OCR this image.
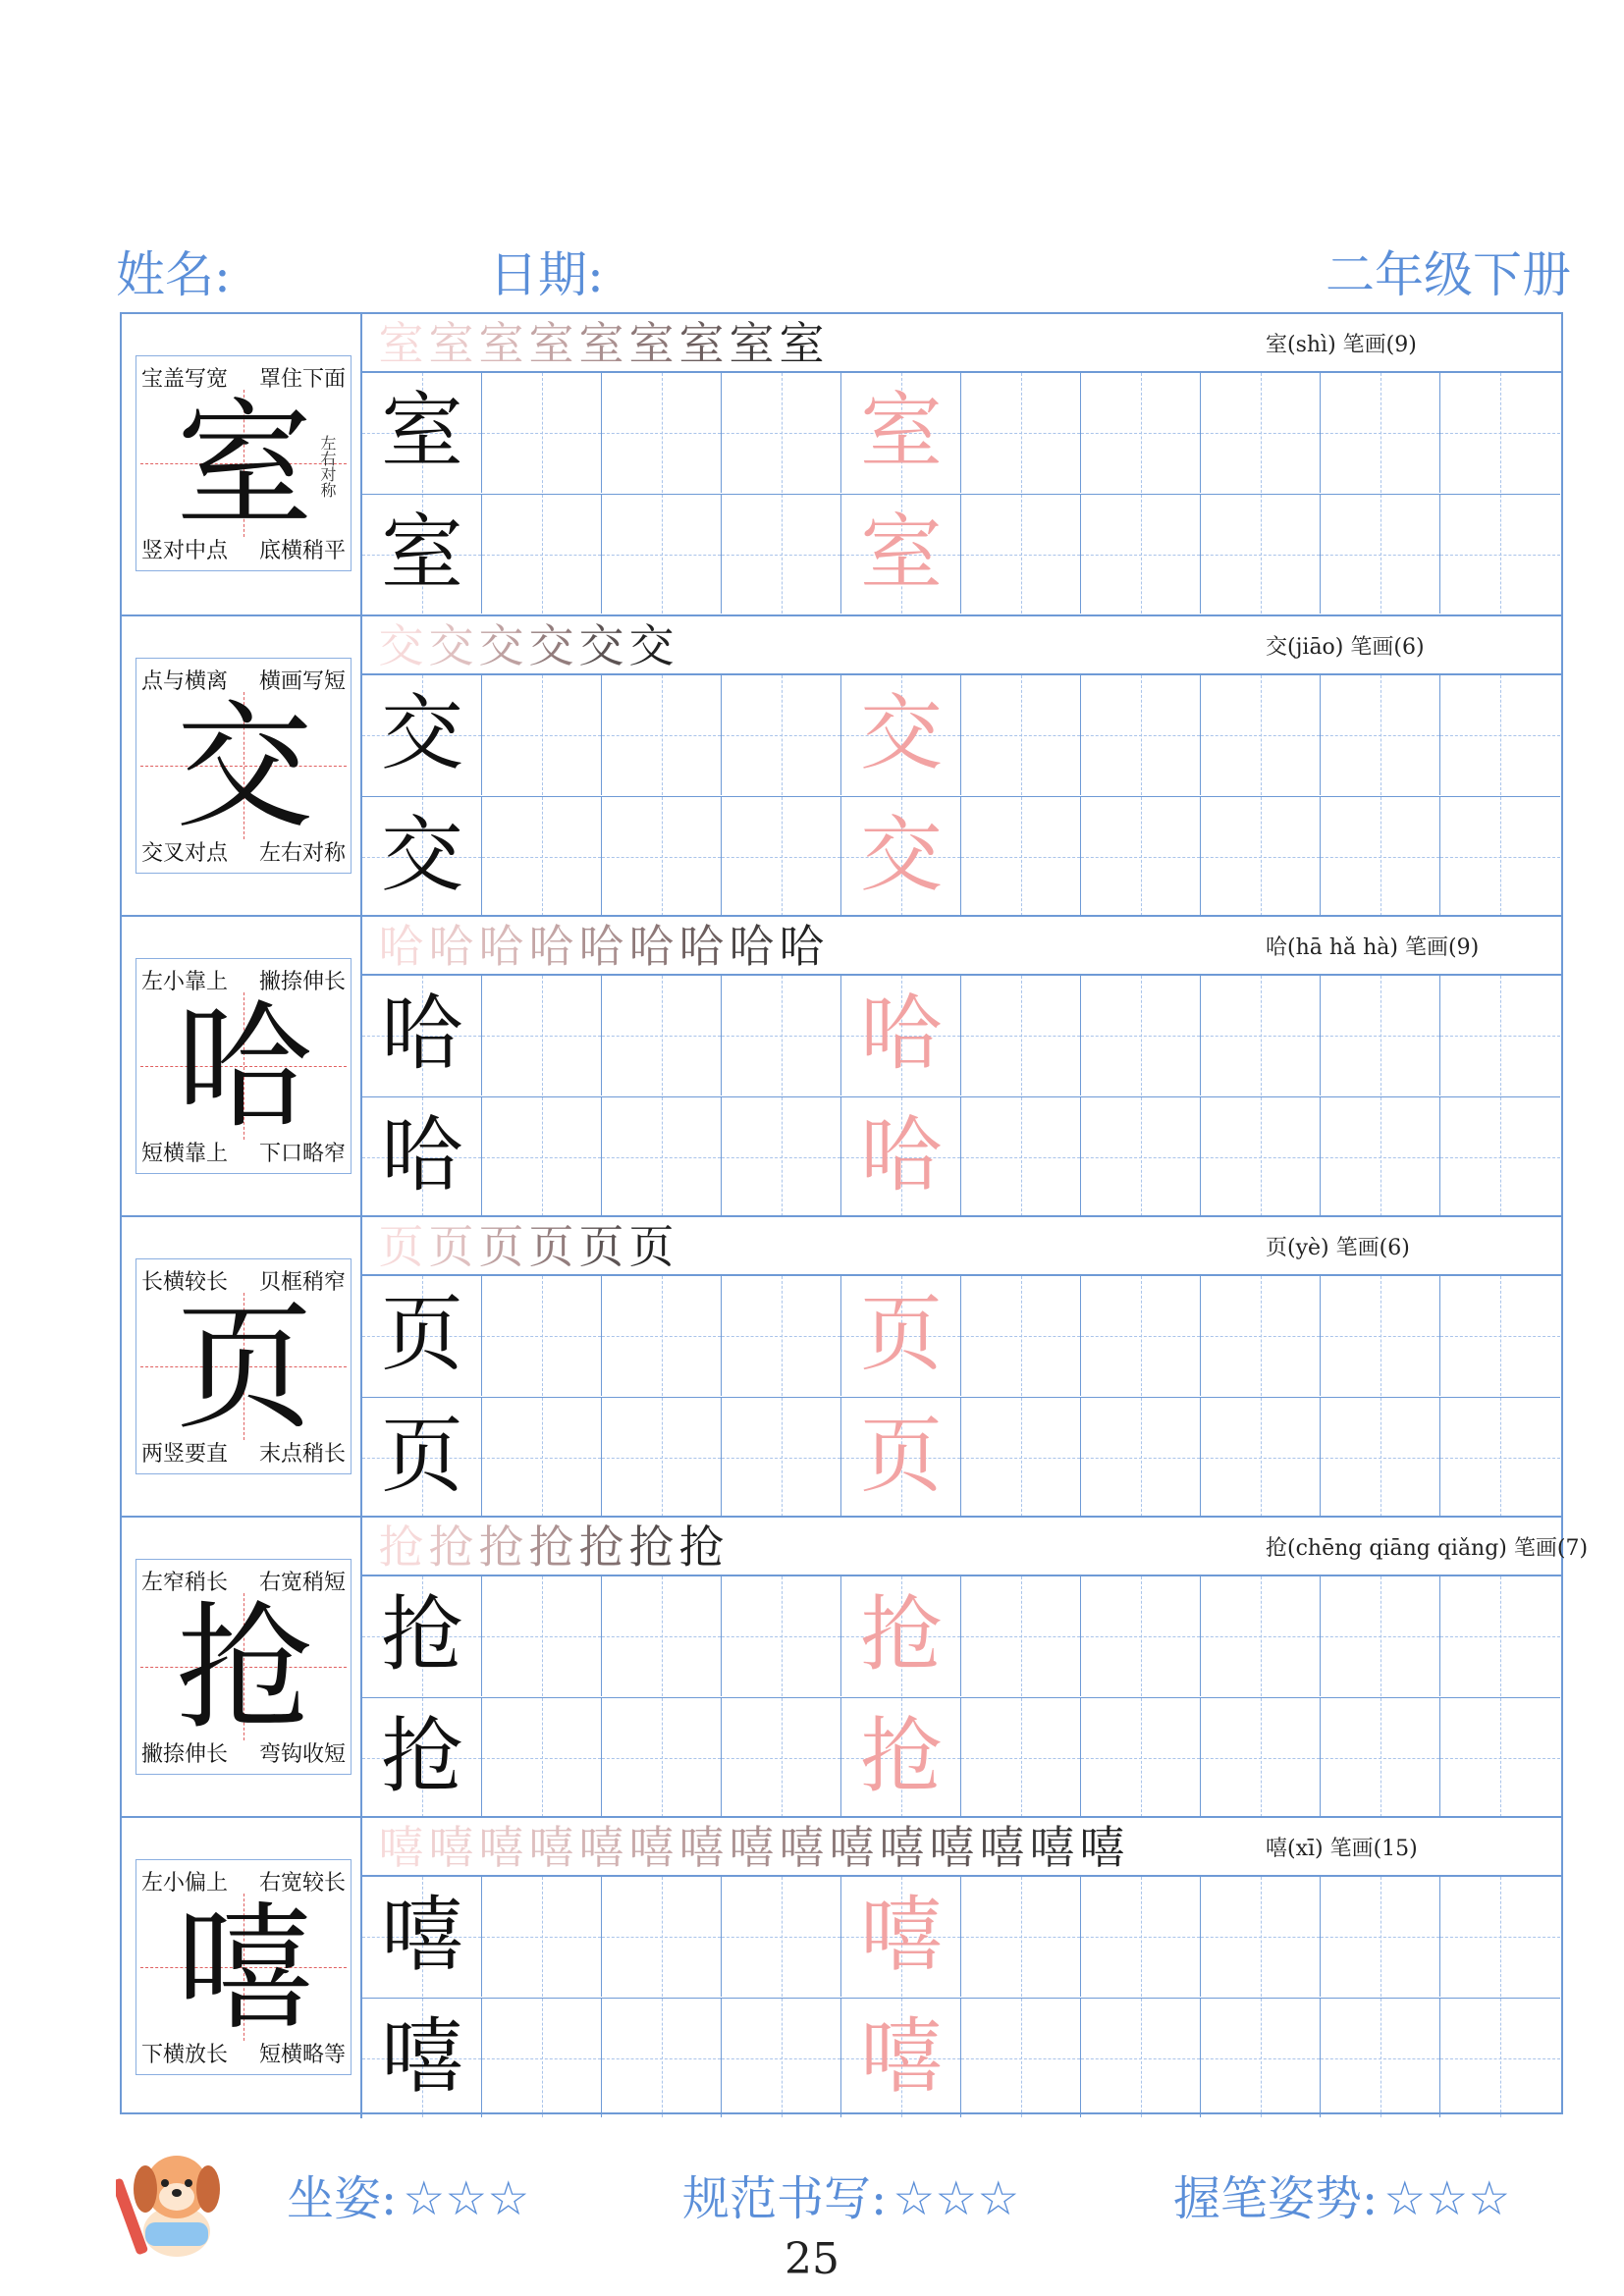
姓名:	日期:	二年级下册
宝盖写宽 罩住下面
竖对中点 底横稍平
室 左右对称
室 室 室 室 室 室 室 室 室	室(shì) 笔画(9)
室	室
室	室
点与横离 横画写短
交叉对点 左右对称
交
交 交 交 交 交 交	交(jiāo) 笔画(6)
交	交
交	交
左小靠上 撇捺伸长
短横靠上 下口略窄
哈
哈 哈 哈 哈 哈 哈 哈 哈 哈	哈(hā hǎ hà) 笔画(9)
哈	哈
哈	哈
长横较长 贝框稍窄
两竖要直 末点稍长
页
页 页 页 页 页 页	页(yè) 笔画(6)
页	页
页	页
左窄稍长 右宽稍短
撇捺伸长 弯钩收短
抢
抢 抢 抢 抢 抢 抢 抢	抢(chēng qiāng qiǎng) 笔画(7)
抢	抢
抢	抢
左小偏上 右宽较长
下横放长 短横略等
嘻
嘻 嘻 嘻 嘻 嘻 嘻 嘻 嘻 嘻 嘻 嘻 嘻 嘻 嘻 嘻	嘻(xī) 笔画(15)
嘻	嘻
嘻	嘻
坐姿: ☆☆☆	规范书写: ☆☆☆	握笔姿势: ☆☆☆
25
